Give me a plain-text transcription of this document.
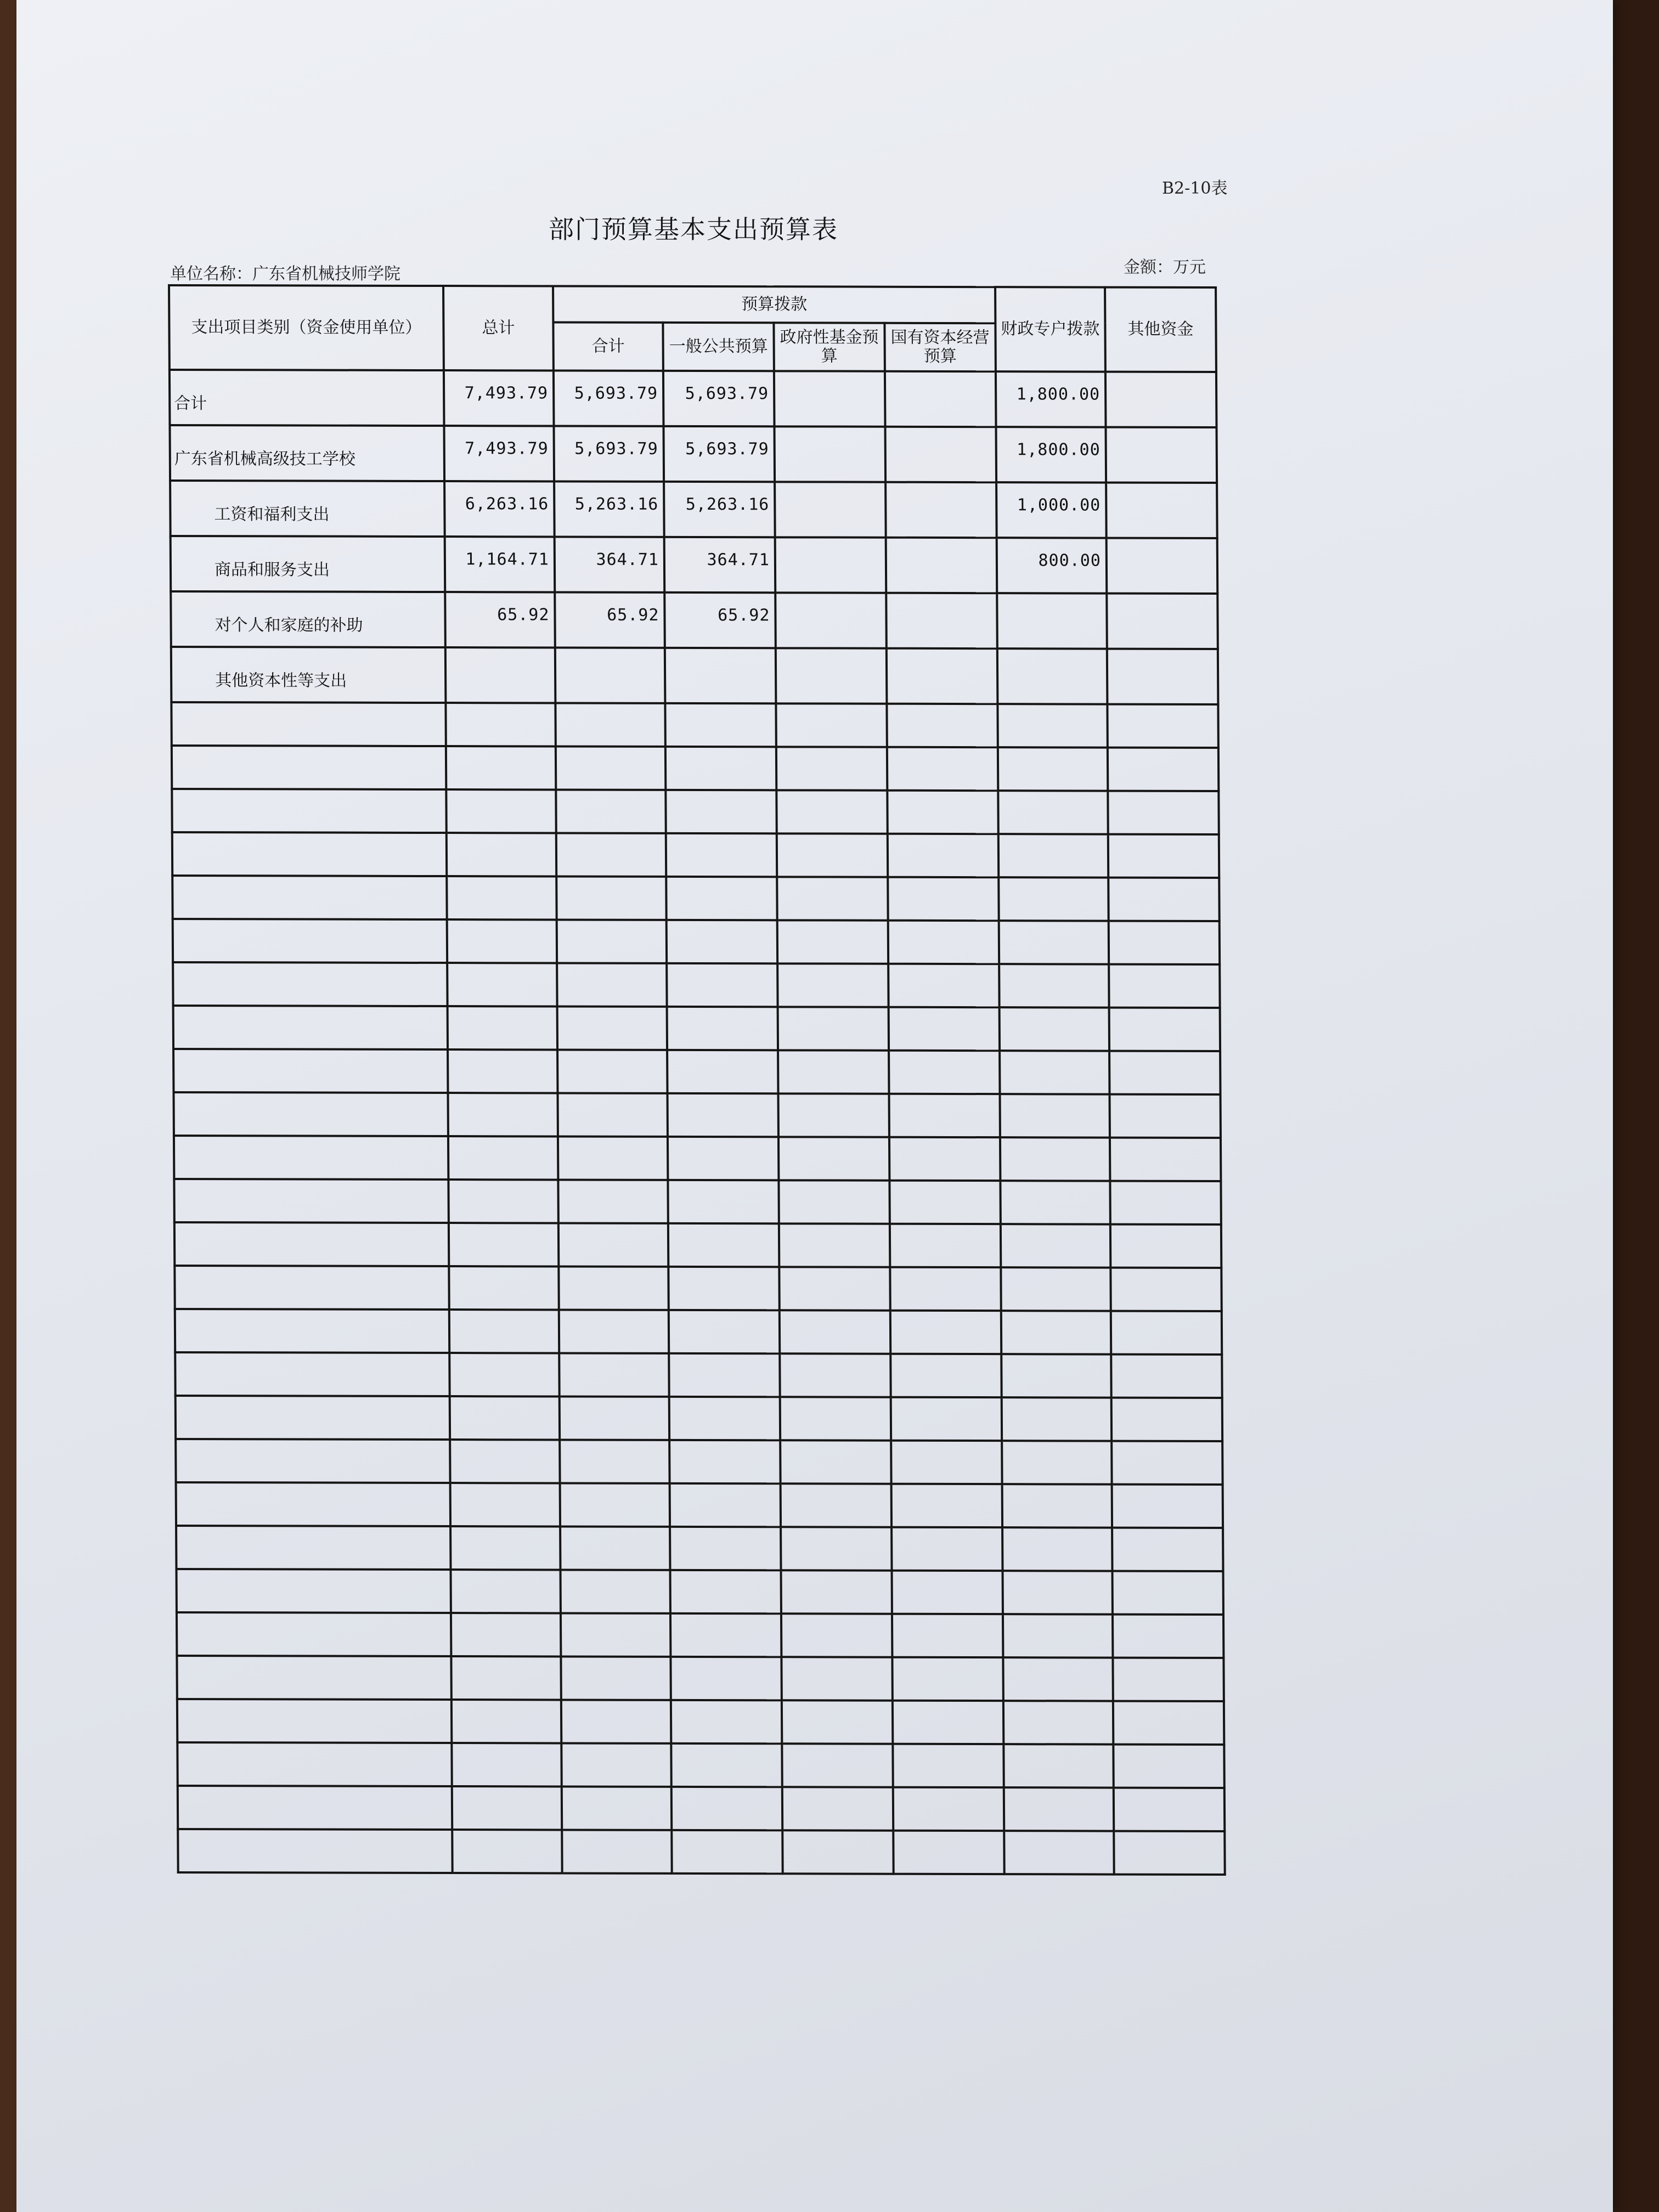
B2-10表
部门预算基本支出预算表
单位名称：广东省机械技师学院	金额：万元
支出项目类别（资金使用单位）	总计	预算拨款				财政专户拨款	其他资金
		合计	一般公共预算	政府性基金预算	国有资本经营预算		
合计	7,493.79	5,693.79	5,693.79			1,800.00	
广东省机械高级技工学校	7,493.79	5,693.79	5,693.79			1,800.00	
工资和福利支出	6,263.16	5,263.16	5,263.16			1,000.00	
商品和服务支出	1,164.71	364.71	364.71			800.00	
对个人和家庭的补助	65.92	65.92	65.92				
其他资本性等支出							
